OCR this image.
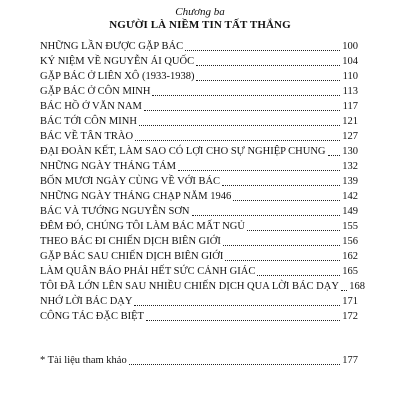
Chương ba
NGƯỜI LÀ NIỀM TIN TẤT THẮNG
NHỮNG LẦN ĐƯỢC GẶP BÁC	100
KỶ NIỆM VỀ NGUYỄN ÁI QUỐC	104
GẶP BÁC Ở LIÊN XÔ (1933-1938)	110
GẶP BÁC Ở CÔN MINH	113
BÁC HỒ Ở VĂN NAM	117
BÁC TỚI CÔN MINH	121
BÁC VỀ TÂN TRÀO	127
ĐẠI ĐOÀN KẾT, LÀM SAO CÓ LỢI CHO SỰ NGHIỆP CHUNG 130
NHỮNG NGÀY THÁNG TÁM	132
BỐN MƯƠI NGÀY CÙNG VỀ VỚI BÁC	139
NHỮNG NGÀY THÁNG CHẠP NĂM 1946	142
BÁC VÀ TƯỚNG NGUYỄN SƠN	149
ĐÊM ĐÓ, CHÚNG TÔI LÀM BÁC MẤT NGỦ	155
THEO BÁC ĐI CHIẾN DỊCH BIÊN GIỚI	156
GẶP BÁC SAU CHIẾN DỊCH BIÊN GIỚI	162
LÀM QUÂN BÁO PHẢI HẾT SỨC CẢNH GIÁC	165
TÔI ĐÃ LỚN LÊN SAU NHIỀU CHIẾN DỊCH QUA LỜI BÁC DẠY 168
NHỚ LỜI BÁC DẠY	171
CÔNG TÁC ĐẶC BIỆT	172
* Tài liệu tham khảo	177
